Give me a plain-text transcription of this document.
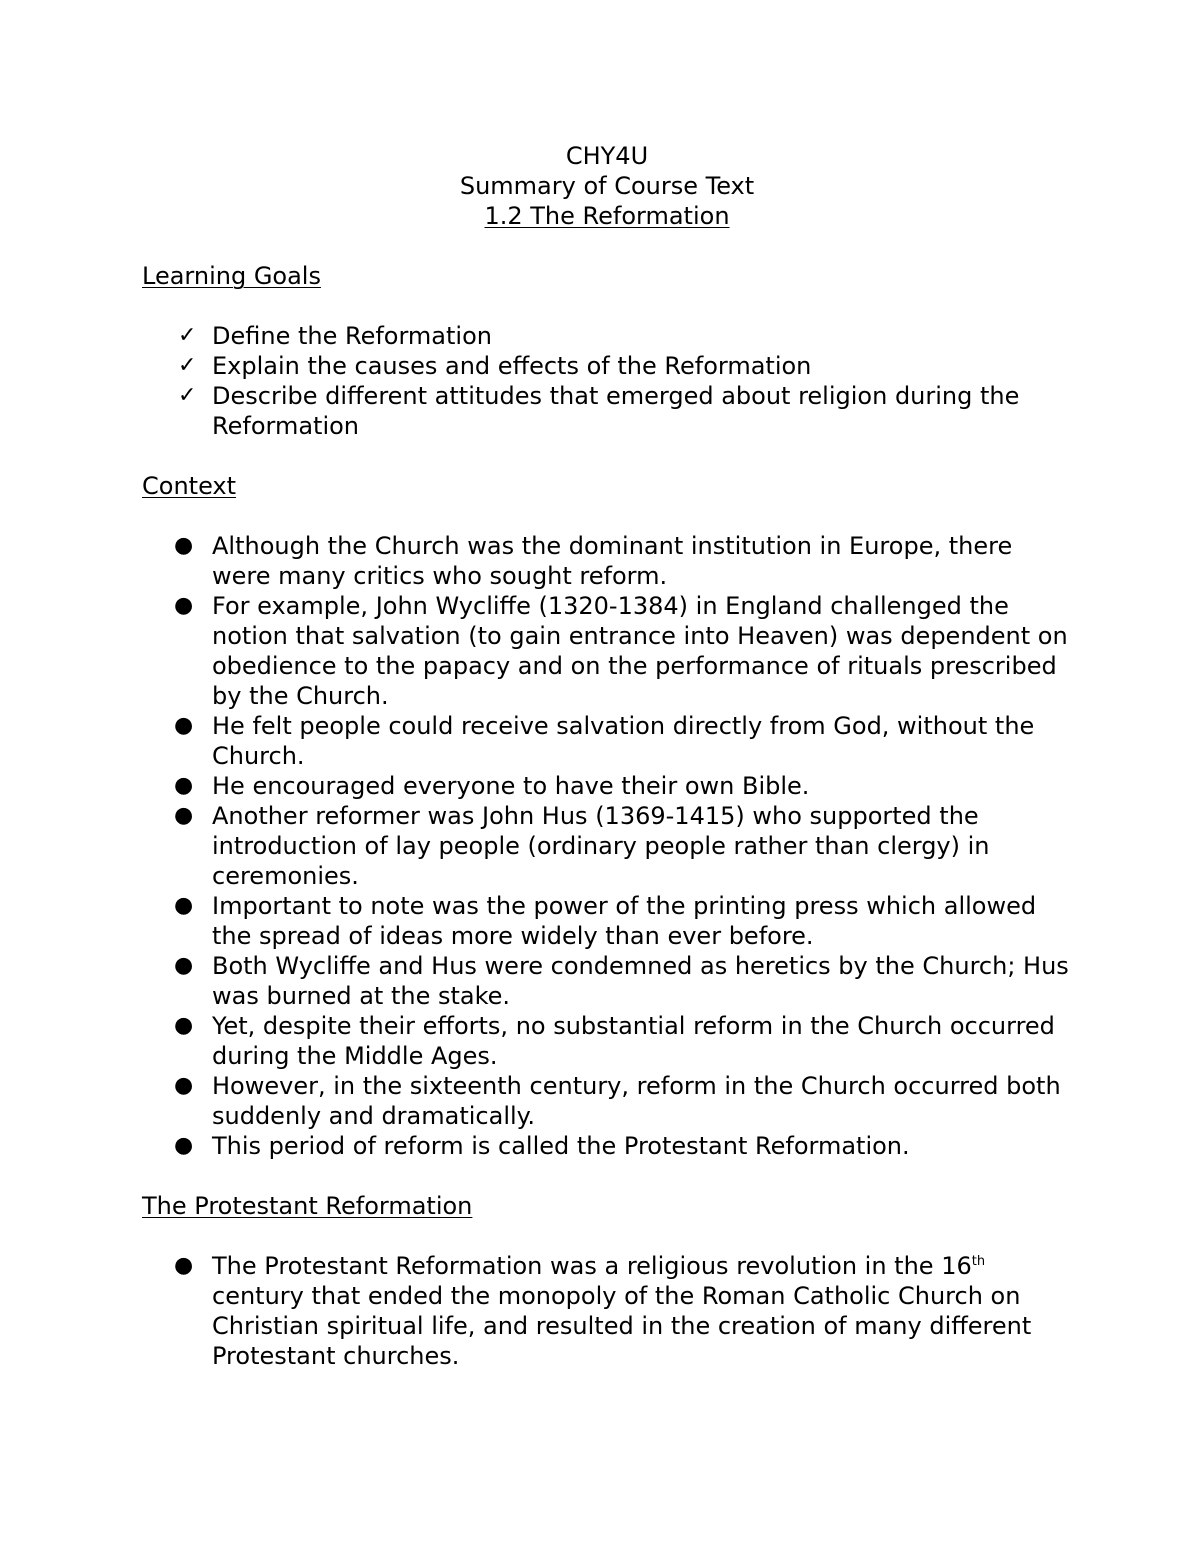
CHY4U

Summary of Course Text

1.2 The Reformation

Learning Goals

✓ Define the Reformation
✓ Explain the causes and effects of the Reformation
✓ Describe different attitudes that emerged about religion during the Reformation

Context

● Although the Church was the dominant institution in Europe, there were many critics who sought reform.
● For example, John Wycliffe (1320-1384) in England challenged the notion that salvation (to gain entrance into Heaven) was dependent on obedience to the papacy and on the performance of rituals prescribed by the Church.
● He felt people could receive salvation directly from God, without the Church.
● He encouraged everyone to have their own Bible.
● Another reformer was John Hus (1369-1415) who supported the introduction of lay people (ordinary people rather than clergy) in ceremonies.
● Important to note was the power of the printing press which allowed the spread of ideas more widely than ever before.
● Both Wycliffe and Hus were condemned as heretics by the Church; Hus was burned at the stake.
● Yet, despite their efforts, no substantial reform in the Church occurred during the Middle Ages.
● However, in the sixteenth century, reform in the Church occurred both suddenly and dramatically.
● This period of reform is called the Protestant Reformation.

The Protestant Reformation

● The Protestant Reformation was a religious revolution in the 16th century that ended the monopoly of the Roman Catholic Church on Christian spiritual life, and resulted in the creation of many different Protestant churches.
